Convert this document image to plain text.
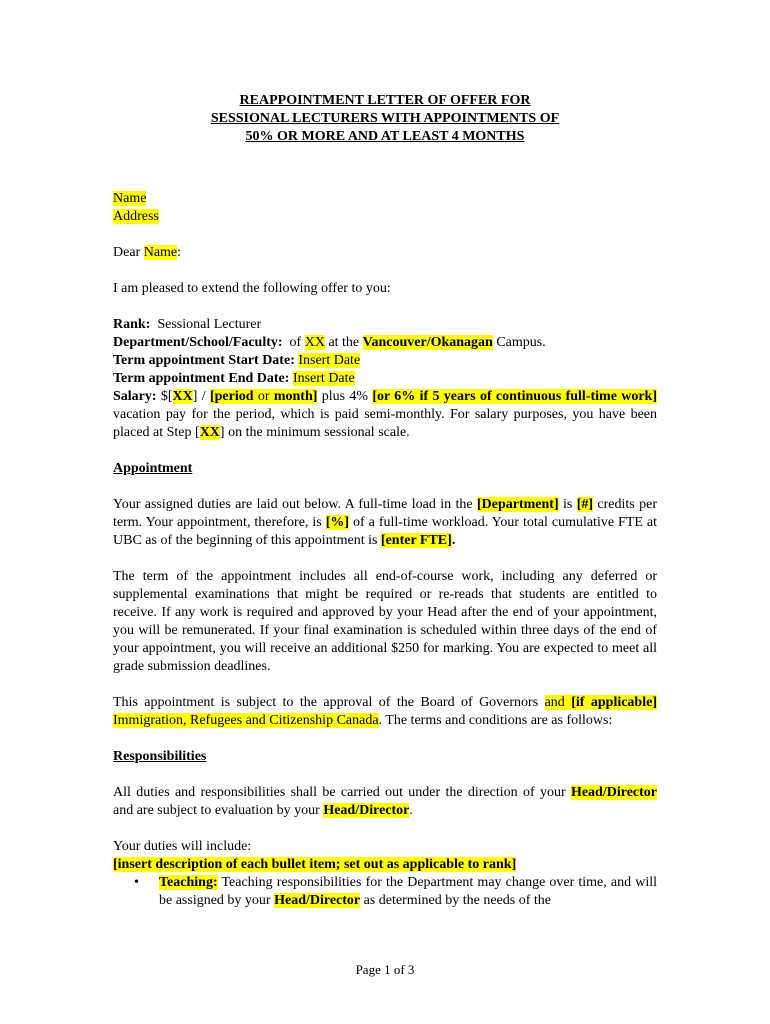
REAPPOINTMENT LETTER OF OFFER FOR
SESSIONAL LECTURERS WITH APPOINTMENTS OF
50% OR MORE AND AT LEAST 4 MONTHS

Name
Address

Dear Name:

I am pleased to extend the following offer to you:

Rank:  Sessional Lecturer

Department/School/Faculty:  of XX at the Vancouver/Okanagan Campus.

Term appointment Start Date: Insert Date

Term appointment End Date: Insert Date

Salary: $[XX] / [period or month] plus 4% [or 6% if 5 years of continuous full-time work] vacation pay for the period, which is paid semi-monthly. For salary purposes, you have been placed at Step [XX] on the minimum sessional scale.

Appointment

Your assigned duties are laid out below. A full-time load in the [Department] is [#] credits per term. Your appointment, therefore, is [%] of a full-time workload. Your total cumulative FTE at UBC as of the beginning of this appointment is [enter FTE].

The term of the appointment includes all end-of-course work, including any deferred or supplemental examinations that might be required or re-reads that students are entitled to receive. If any work is required and approved by your Head after the end of your appointment, you will be remunerated. If your final examination is scheduled within three days of the end of your appointment, you will receive an additional $250 for marking. You are expected to meet all grade submission deadlines.

This appointment is subject to the approval of the Board of Governors and [if applicable] Immigration, Refugees and Citizenship Canada. The terms and conditions are as follows:

Responsibilities

All duties and responsibilities shall be carried out under the direction of your Head/Director and are subject to evaluation by your Head/Director.

Your duties will include:

[insert description of each bullet item; set out as applicable to rank]

• Teaching: Teaching responsibilities for the Department may change over time, and will be assigned by your Head/Director as determined by the needs of the
Page 1 of 3
